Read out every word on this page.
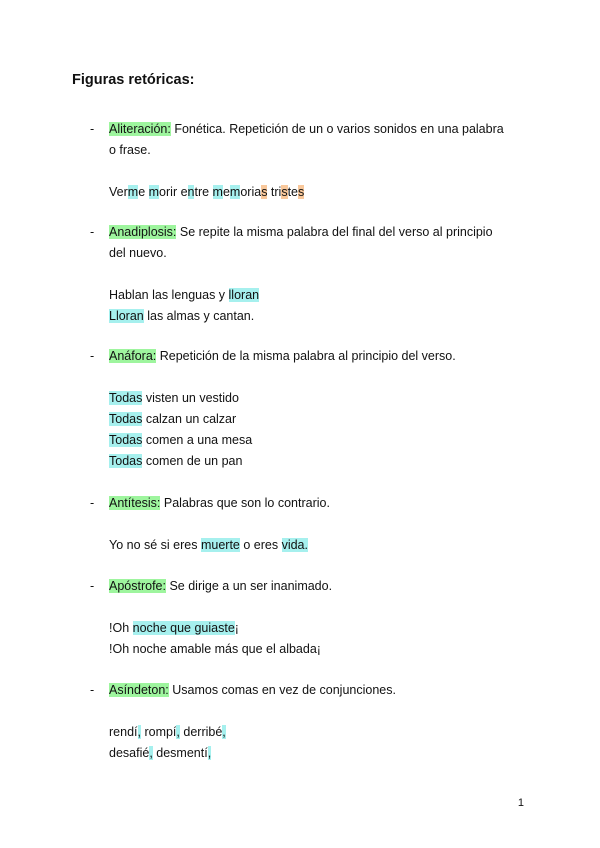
Figuras retóricas:
- Aliteración: Fonética. Repetición de un o varios sonidos en una palabra o frase.
Verme morir entre memorias tristes
- Anadiplosis: Se repite la misma palabra del final del verso al principio del nuevo.
Hablan las lenguas y lloran
Lloran las almas y cantan.
- Anáfora: Repetición de la misma palabra al principio del verso.
Todas visten un vestido
Todas calzan un calzar
Todas comen a una mesa
Todas comen de un pan
- Antítesis: Palabras que son lo contrario.
Yo no sé si eres muerte o eres vida.
- Apóstrofe: Se dirige a un ser inanimado.
!Oh noche que guiaste¡
!Oh noche amable más que el albada¡
- Asíndeton: Usamos comas en vez de conjunciones.
rendí, rompí, derribé,
desafié, desmentí,
1
